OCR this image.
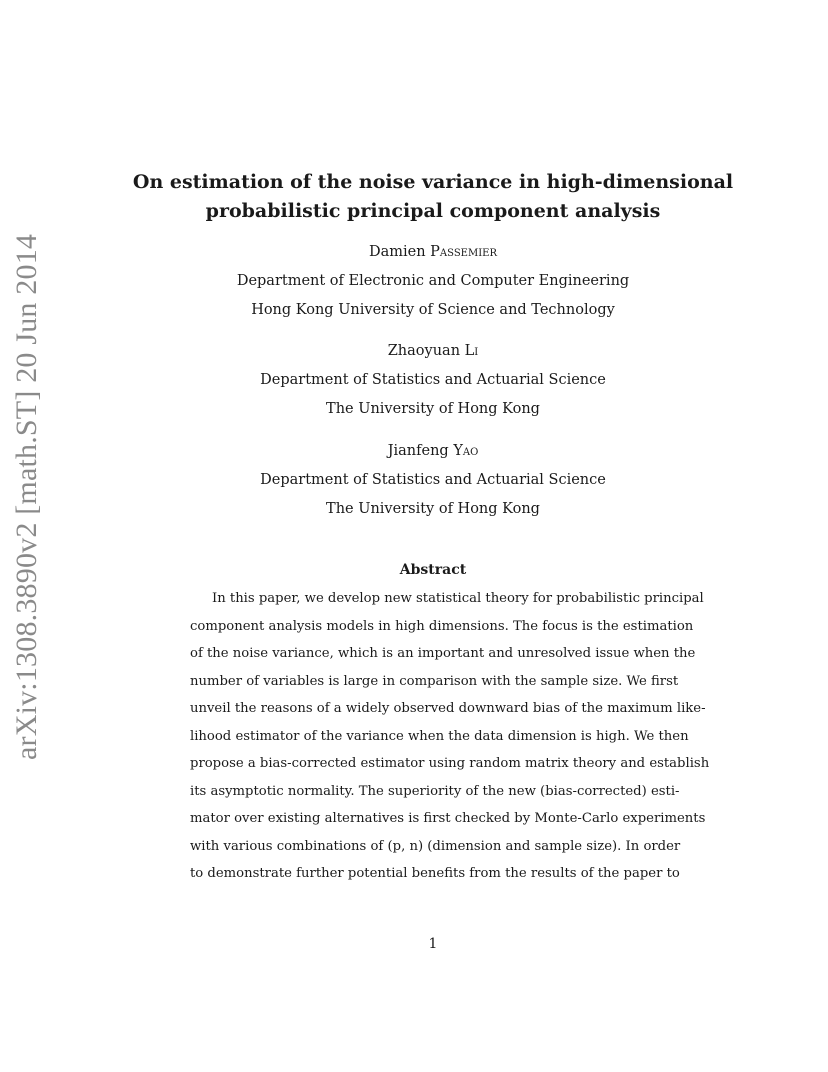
arXiv:1308.3890v2 [math.ST] 20 Jun 2014
On estimation of the noise variance in high-dimensional
probabilistic principal component analysis
Damien Passemier
Department of Electronic and Computer Engineering
Hong Kong University of Science and Technology
Zhaoyuan Li
Department of Statistics and Actuarial Science
The University of Hong Kong
Jianfeng Yao
Department of Statistics and Actuarial Science
The University of Hong Kong
Abstract
In this paper, we develop new statistical theory for probabilistic principal
component analysis models in high dimensions. The focus is the estimation
of the noise variance, which is an important and unresolved issue when the
number of variables is large in comparison with the sample size. We first
unveil the reasons of a widely observed downward bias of the maximum like-
lihood estimator of the variance when the data dimension is high. We then
propose a bias-corrected estimator using random matrix theory and establish
its asymptotic normality. The superiority of the new (bias-corrected) esti-
mator over existing alternatives is first checked by Monte-Carlo experiments
with various combinations of (p, n) (dimension and sample size). In order
to demonstrate further potential benefits from the results of the paper to
1
